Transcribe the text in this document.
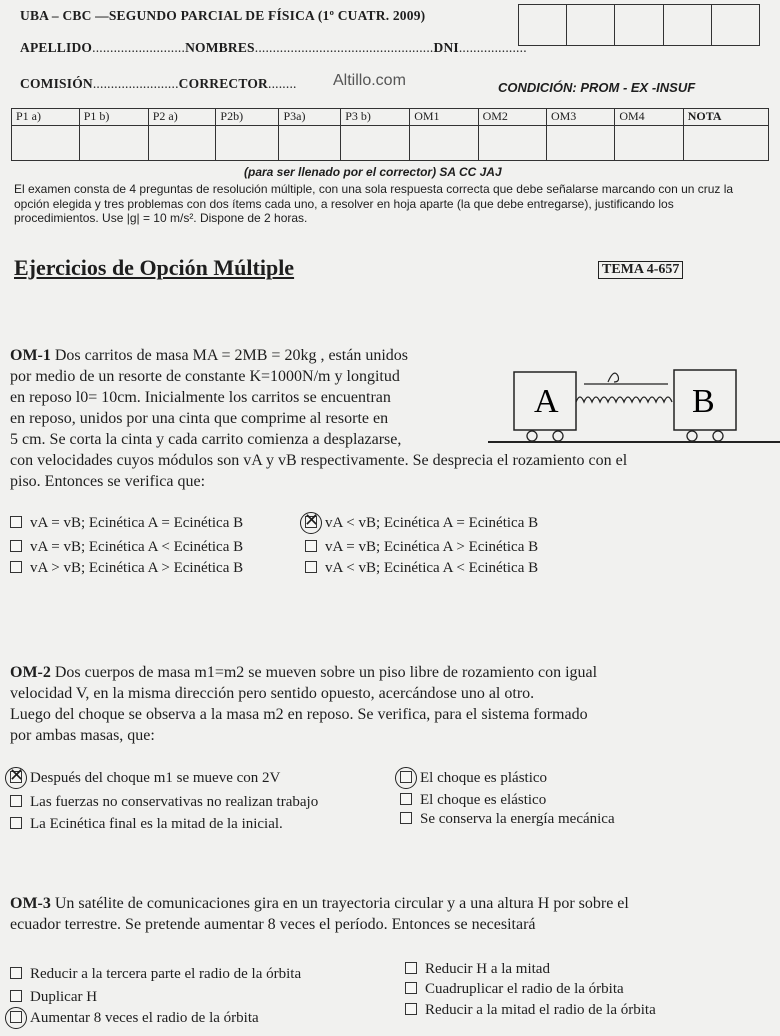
UBA – CBC —SEGUNDO PARCIAL DE FÍSICA (1º CUATR. 2009)
APELLIDO..........................NOMBRES..................................................DNI...................
COMISIÓN........................CORRECTOR........ Altillo.com	CONDICIÓN: PROM - EX -INSUF
P1 a)	P1 b)	P2 a)	P2b)	P3a)	P3 b)	OM1	OM2	OM3	OM4	NOTA

(para ser llenado por el corrector) SA CC JAJ
El examen consta de 4 preguntas de resolución múltiple, con una sola respuesta correcta que debe señalarse marcando con un cruz la opción elegida y tres problemas con dos ítems cada uno, a resolver en hoja aparte (la que debe entregarse), justificando los procedimientos. Use |g| = 10 m/s². Dispone de 2 horas.
Ejercicios de Opción Múltiple	TEMA 4-657
OM-1 Dos carritos de masa MA = 2MB = 20kg , están unidos
por medio de un resorte de constante K=1000N/m y longitud
en reposo l0= 10cm. Inicialmente los carritos se encuentran
en reposo, unidos por una cinta que comprime al resorte en
5 cm. Se corta la cinta y cada carrito comienza a desplazarse,
con velocidades cuyos módulos son vA y vB respectivamente. Se desprecia el rozamiento con el
piso. Entonces se verifica que:
A	B
vA = vB; Ecinética A = Ecinética B ✕	vA < vB; Ecinética A = Ecinética B
vA = vB; Ecinética A < Ecinética B	vA = vB; Ecinética A > Ecinética B
vA > vB; Ecinética A > Ecinética B	vA < vB; Ecinética A < Ecinética B
OM-2 Dos cuerpos de masa m1=m2 se mueven sobre un piso libre de rozamiento con igual
velocidad V, en la misma dirección pero sentido opuesto, acercándose uno al otro.
Luego del choque se observa a la masa m2 en reposo. Se verifica, para el sistema formado
por ambas masas, que:
✕Después del choque m1 se mueve con 2V	El choque es plástico
Las fuerzas no conservativas no realizan trabajo	El choque es elástico
La Ecinética final es la mitad de la inicial.	Se conserva la energía mecánica
OM-3 Un satélite de comunicaciones gira en un trayectoria circular y a una altura H por sobre el
ecuador terrestre. Se pretende aumentar 8 veces el período. Entonces se necesitará
Reducir a la tercera parte el radio de la órbita	Reducir H a la mitad
Duplicar H	Cuadruplicar el radio de la órbita
Aumentar 8 veces el radio de la órbita	Reducir a la mitad el radio de la órbita
